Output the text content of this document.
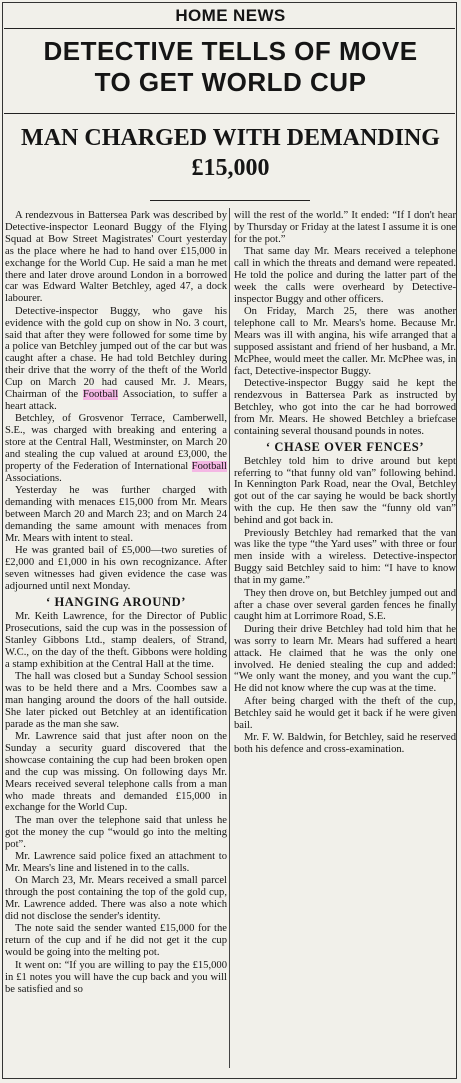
HOME NEWS
DETECTIVE TELLS OF MOVE
TO GET WORLD CUP
MAN CHARGED WITH DEMANDING
£15,000

A rendezvous in Battersea Park was described by Detective-inspector Leonard Buggy of the Flying Squad at Bow Street Magistrates' Court yesterday as the place where he had to hand over £15,000 in exchange for the World Cup. He said a man he met there and later drove around London in a borrowed car was Edward Walter Betchley, aged 47, a dock labourer.

Detective-inspector Buggy, who gave his evidence with the gold cup on show in No. 3 court, said that after they were followed for some time by a police van Betchley jumped out of the car but was caught after a chase. He had told Betchley during their drive that the worry of the theft of the World Cup on March 20 had caused Mr. J. Mears, Chairman of the Football Association, to suffer a heart attack.

Betchley, of Grosvenor Terrace, Camberwell, S.E., was charged with breaking and entering a store at the Central Hall, Westminster, on March 20 and stealing the cup valued at around £3,000, the property of the Federation of International Football Associations.

Yesterday he was further charged with demanding with menaces £15,000 from Mr. Mears between March 20 and March 23; and on March 24 demanding the same amount with menaces from Mr. Mears with intent to steal.

He was granted bail of £5,000—two sureties of £2,000 and £1,000 in his own recognizance. After seven witnesses had given evidence the case was adjourned until next Monday.

‘ HANGING AROUND’

Mr. Keith Lawrence, for the Director of Public Prosecutions, said the cup was in the possession of Stanley Gibbons Ltd., stamp dealers, of Strand, W.C., on the day of the theft. Gibbons were holding a stamp exhibition at the Central Hall at the time.

The hall was closed but a Sunday School session was to be held there and a Mrs. Coombes saw a man hanging around the doors of the hall outside. She later picked out Betchley at an identification parade as the man she saw.

Mr. Lawrence said that just after noon on the Sunday a security guard discovered that the showcase containing the cup had been broken open and the cup was missing. On following days Mr. Mears received several telephone calls from a man who made threats and demanded £15,000 in exchange for the World Cup.

The man over the telephone said that unless he got the money the cup “would go into the melting pot”.

Mr. Lawrence said police fixed an attachment to Mr. Mears's line and listened in to the calls.

On March 23, Mr. Mears received a small parcel through the post containing the top of the gold cup, Mr. Lawrence added. There was also a note which did not disclose the sender's identity.

The note said the sender wanted £15,000 for the return of the cup and if he did not get it the cup would be going into the melting pot.

It went on: “If you are willing to pay the £15,000 in £1 notes you will have the cup back and you will be satisfied and so

will the rest of the world.” It ended: “If I don't hear by Thursday or Friday at the latest I assume it is one for the pot.”

That same day Mr. Mears received a telephone call in which the threats and demand were repeated. He told the police and during the latter part of the week the calls were overheard by Detective-inspector Buggy and other officers.

On Friday, March 25, there was another telephone call to Mr. Mears's home. Because Mr. Mears was ill with angina, his wife arranged that a supposed assistant and friend of her husband, a Mr. McPhee, would meet the caller. Mr. McPhee was, in fact, Detective-inspector Buggy.

Detective-inspector Buggy said he kept the rendezvous in Battersea Park as instructed by Betchley, who got into the car he had borrowed from Mr. Mears. He showed Betchley a briefcase containing several thousand pounds in notes.

‘ CHASE OVER FENCES’

Betchley told him to drive around but kept referring to “that funny old van” following behind. In Kennington Park Road, near the Oval, Betchley got out of the car saying he would be back shortly with the cup. He then saw the “funny old van” behind and got back in.

Previously Betchley had remarked that the van was like the type “the Yard uses” with three or four men inside with a wireless. Detective-inspector Buggy said Betchley said to him: “I have to know that in my game.”

They then drove on, but Betchley jumped out and after a chase over several garden fences he finally caught him at Lorrimore Road, S.E.

During their drive Betchley had told him that he was sorry to learn Mr. Mears had suffered a heart attack. He claimed that he was the only one involved. He denied stealing the cup and added: “We only want the money, and you want the cup.” He did not know where the cup was at the time.

After being charged with the theft of the cup, Betchley said he would get it back if he were given bail.

Mr. F. W. Baldwin, for Betchley, said he reserved both his defence and cross-examination.
